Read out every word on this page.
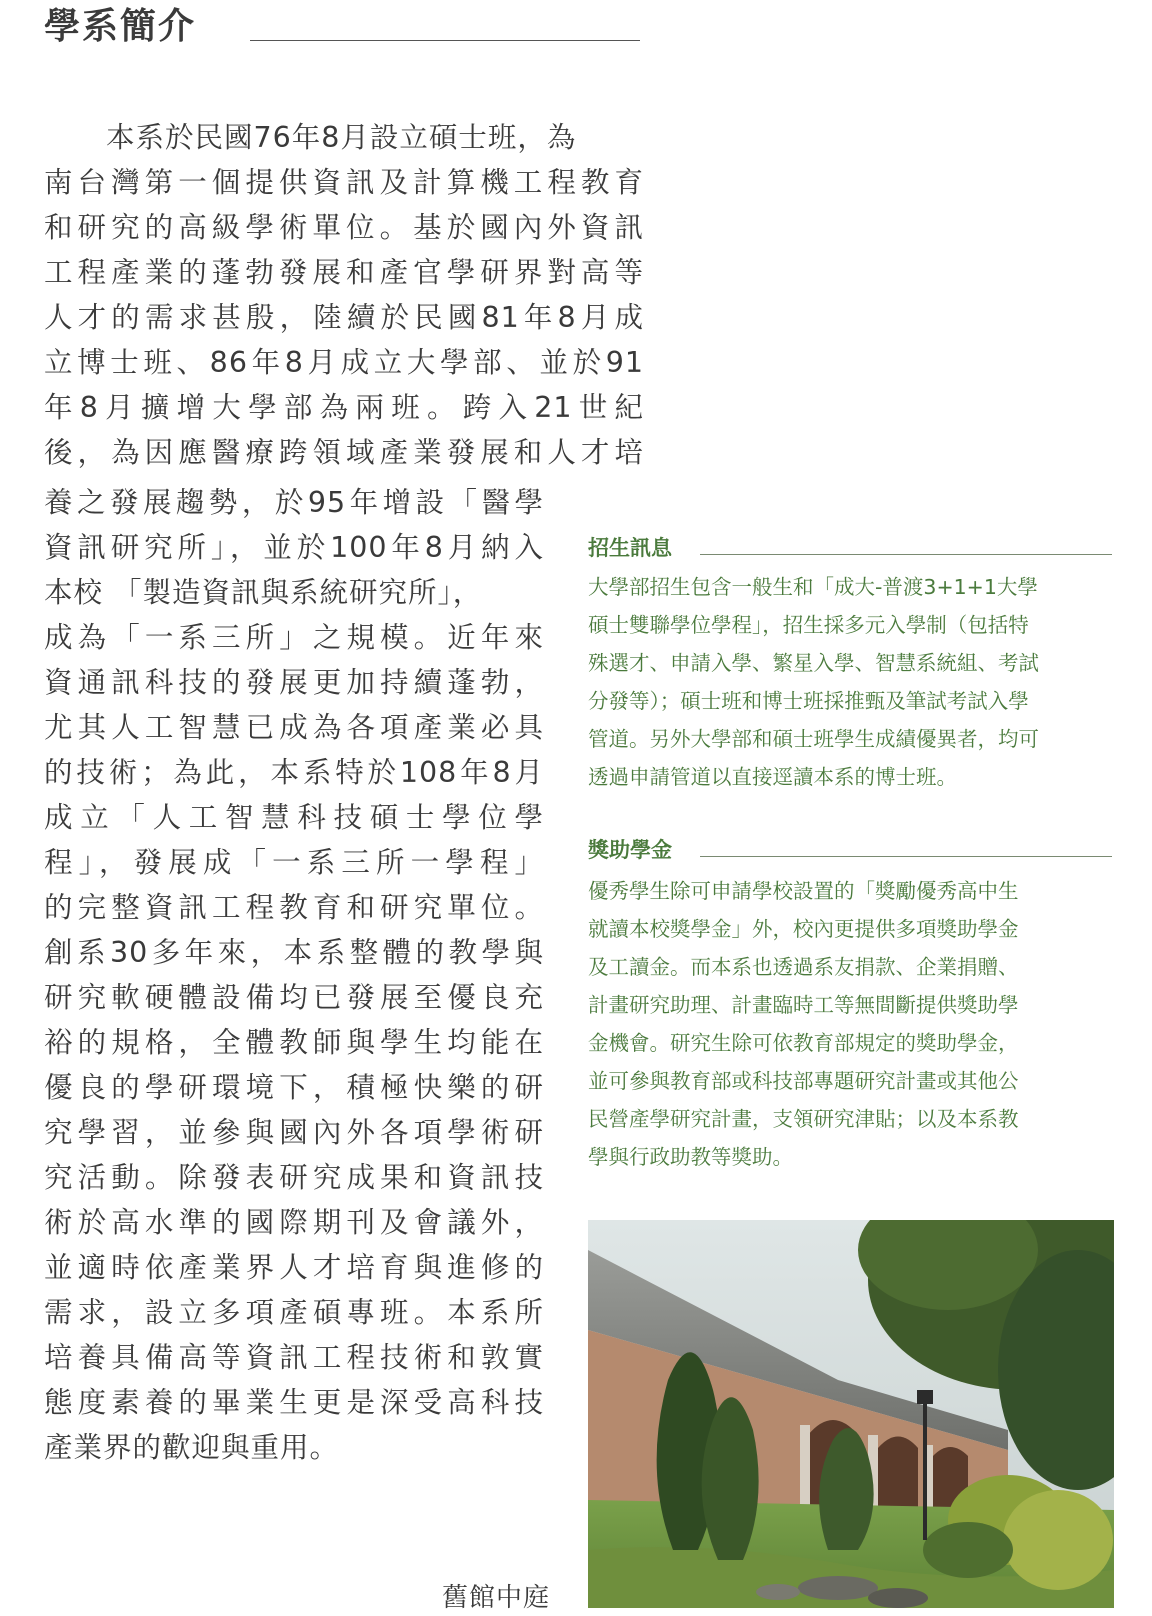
學系簡介
本系於民國76年8月設立碩士班，為
南台灣第一個提供資訊及計算機工程教育
和研究的高級學術單位。基於國內外資訊
工程產業的蓬勃發展和產官學研界對高等
人才的需求甚殷，陸續於民國81年8月成
立博士班、86年8月成立大學部、並於91
年8月擴增大學部為兩班。跨入21世紀
後，為因應醫療跨領域產業發展和人才培
養之發展趨勢，於95年增設「醫學
資訊研究所」，並於100年8月納入
本校 「製造資訊與系統研究所」，
成為「一系三所」之規模。近年來
資通訊科技的發展更加持續蓬勃，
尤其人工智慧已成為各項產業必具
的技術；為此，本系特於108年8月
成立「人工智慧科技碩士學位學
程」，發展成「一系三所一學程」
的完整資訊工程教育和研究單位。
創系30多年來，本系整體的教學與
研究軟硬體設備均已發展至優良充
裕的規格，全體教師與學生均能在
優良的學研環境下，積極快樂的研
究學習，並參與國內外各項學術研
究活動。除發表研究成果和資訊技
術於高水準的國際期刊及會議外，
並適時依產業界人才培育與進修的
需求，設立多項產碩專班。本系所
培養具備高等資訊工程技術和敦實
態度素養的畢業生更是深受高科技
產業界的歡迎與重用。
招生訊息
大學部招生包含一般生和「成大-普渡3+1+1大學
碩士雙聯學位學程」，招生採多元入學制（包括特
殊選才、申請入學、繁星入學、智慧系統組、考試
分發等）；碩士班和博士班採推甄及筆試考試入學
管道。另外大學部和碩士班學生成績優異者，均可
透過申請管道以直接逕讀本系的博士班。
獎助學金
優秀學生除可申請學校設置的「獎勵優秀高中生
就讀本校獎學金」外，校內更提供多項獎助學金
及工讀金。而本系也透過系友捐款、企業捐贈、
計畫研究助理、計畫臨時工等無間斷提供獎助學
金機會。研究生除可依教育部規定的獎助學金，
並可參與教育部或科技部專題研究計畫或其他公
民營產學研究計畫，支領研究津貼；以及本系教
學與行政助教等獎助。
舊館中庭
